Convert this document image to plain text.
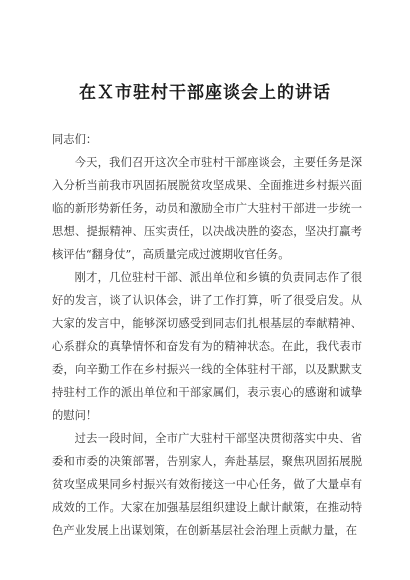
在Ｘ市驻村干部座谈会上的讲话

同志们：

今天，我们召开这次全市驻村干部座谈会，主要任务是深入分析当前我市巩固拓展脱贫攻坚成果、全面推进乡村振兴面临的新形势新任务，动员和激励全市广大驻村干部进一步统一思想、提振精神、压实责任，以决战决胜的姿态，坚决打赢考核评估“翻身仗”，高质量完成过渡期收官任务。

刚才，几位驻村干部、派出单位和乡镇的负责同志作了很好的发言，谈了认识体会，讲了工作打算，听了很受启发。从大家的发言中，能够深切感受到同志们扎根基层的奉献精神、心系群众的真挚情怀和奋发有为的精神状态。在此，我代表市委，向辛勤工作在乡村振兴一线的全体驻村干部，以及默默支持驻村工作的派出单位和干部家属们，表示衷心的感谢和诚挚的慰问！

过去一段时间，全市广大驻村干部坚决贯彻落实中央、省委和市委的决策部署，告别家人，奔赴基层，聚焦巩固拓展脱贫攻坚成果同乡村振兴有效衔接这一中心任务，做了大量卓有成效的工作。大家在加强基层组织建设上献计献策，在推动特色产业发展上出谋划策，在创新基层社会治理上贡献力量，在
